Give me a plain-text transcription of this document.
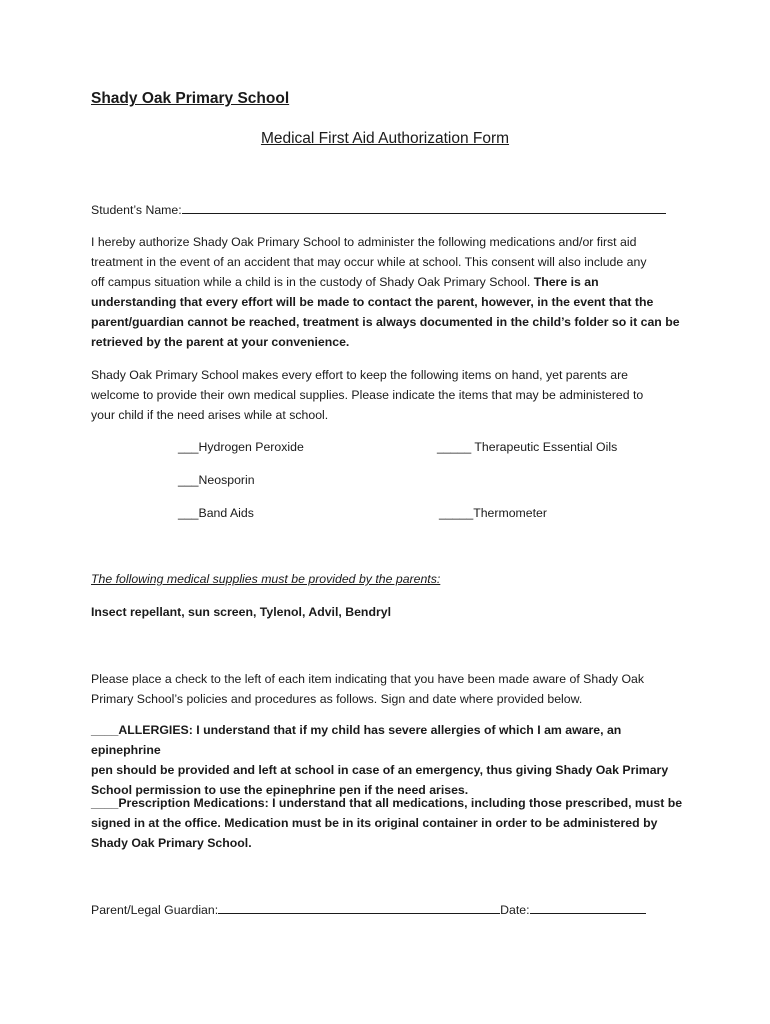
Shady Oak Primary School
Medical First Aid Authorization Form
Student’s Name:

I hereby authorize Shady Oak Primary School to administer the following medications and/or first aid

treatment in the event of an accident that may occur while at school. This consent will also include any

off campus situation while a child is in the custody of Shady Oak Primary School. There is an

understanding that every effort will be made to contact the parent, however, in the event that the

parent/guardian cannot be reached, treatment is always documented in the child’s folder so it can be

retrieved by the parent at your convenience.

Shady Oak Primary School makes every effort to keep the following items on hand, yet parents are

welcome to provide their own medical supplies. Please indicate the items that may be administered to

your child if the need arises while at school.

___Hydrogen Peroxide	_____ Therapeutic Essential Oils
___Neosporin
___Band Aids	_____Thermometer
The following medical supplies must be provided by the parents:
Insect repellant, sun screen, Tylenol, Advil, Bendryl

Please place a check to the left of each item indicating that you have been made aware of Shady Oak

Primary School’s policies and procedures as follows. Sign and date where provided below.

____ALLERGIES: I understand that if my child has severe allergies of which I am aware, an epinephrine

pen should be provided and left at school in case of an emergency, thus giving Shady Oak Primary

School permission to use the epinephrine pen if the need arises.

____Prescription Medications: I understand that all medications, including those prescribed, must be

signed in at the office. Medication must be in its original container in order to be administered by

Shady Oak Primary School.

Parent/Legal Guardian:	Date:
